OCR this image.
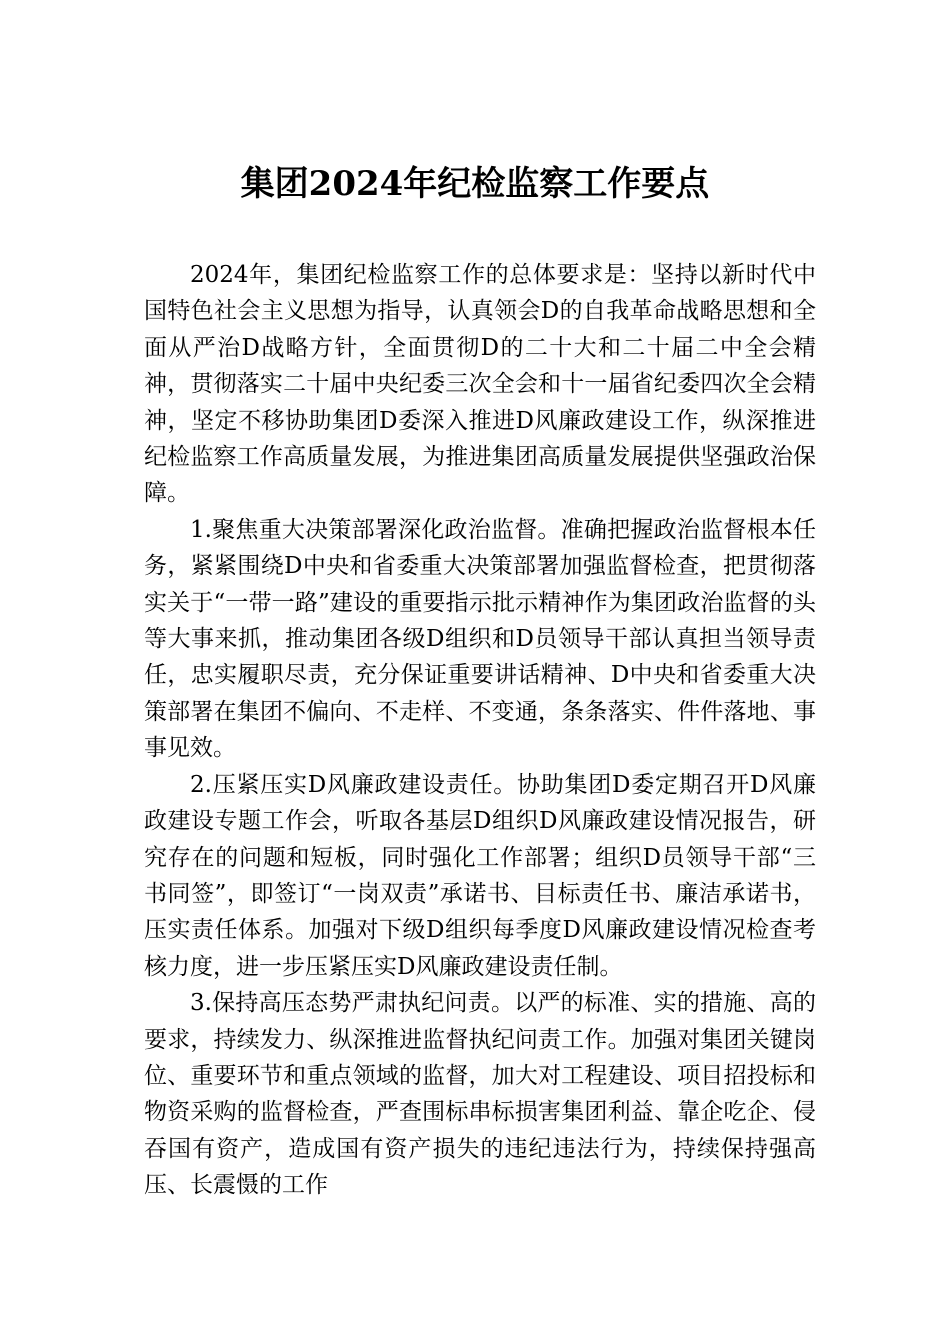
集团2024年纪检监察工作要点

2024年，集团纪检监察工作的总体要求是：坚持以新时代中国特色社会主义思想为指导，认真领会D的自我革命战略思想和全面从严治D战略方针，全面贯彻D的二十大和二十届二中全会精神，贯彻落实二十届中央纪委三次全会和十一届省纪委四次全会精神，坚定不移协助集团D委深入推进D风廉政建设工作，纵深推进纪检监察工作高质量发展，为推进集团高质量发展提供坚强政治保障。

1.聚焦重大决策部署深化政治监督。准确把握政治监督根本任务，紧紧围绕D中央和省委重大决策部署加强监督检查，把贯彻落实关于“一带一路”建设的重要指示批示精神作为集团政治监督的头等大事来抓，推动集团各级D组织和D员领导干部认真担当领导责任，忠实履职尽责，充分保证重要讲话精神、D中央和省委重大决策部署在集团不偏向、不走样、不变通，条条落实、件件落地、事事见效。

2.压紧压实D风廉政建设责任。协助集团D委定期召开D风廉政建设专题工作会，听取各基层D组织D风廉政建设情况报告，研究存在的问题和短板，同时强化工作部署；组织D员领导干部“三书同签”，即签订“一岗双责”承诺书、目标责任书、廉洁承诺书，压实责任体系。加强对下级D组织每季度D风廉政建设情况检查考核力度，进一步压紧压实D风廉政建设责任制。

3.保持高压态势严肃执纪问责。以严的标准、实的措施、高的要求，持续发力、纵深推进监督执纪问责工作。加强对集团关键岗位、重要环节和重点领域的监督，加大对工程建设、项目招投标和物资采购的监督检查，严查围标串标损害集团利益、靠企吃企、侵吞国有资产，造成国有资产损失的违纪违法行为，持续保持强高压、长震慑的工作
